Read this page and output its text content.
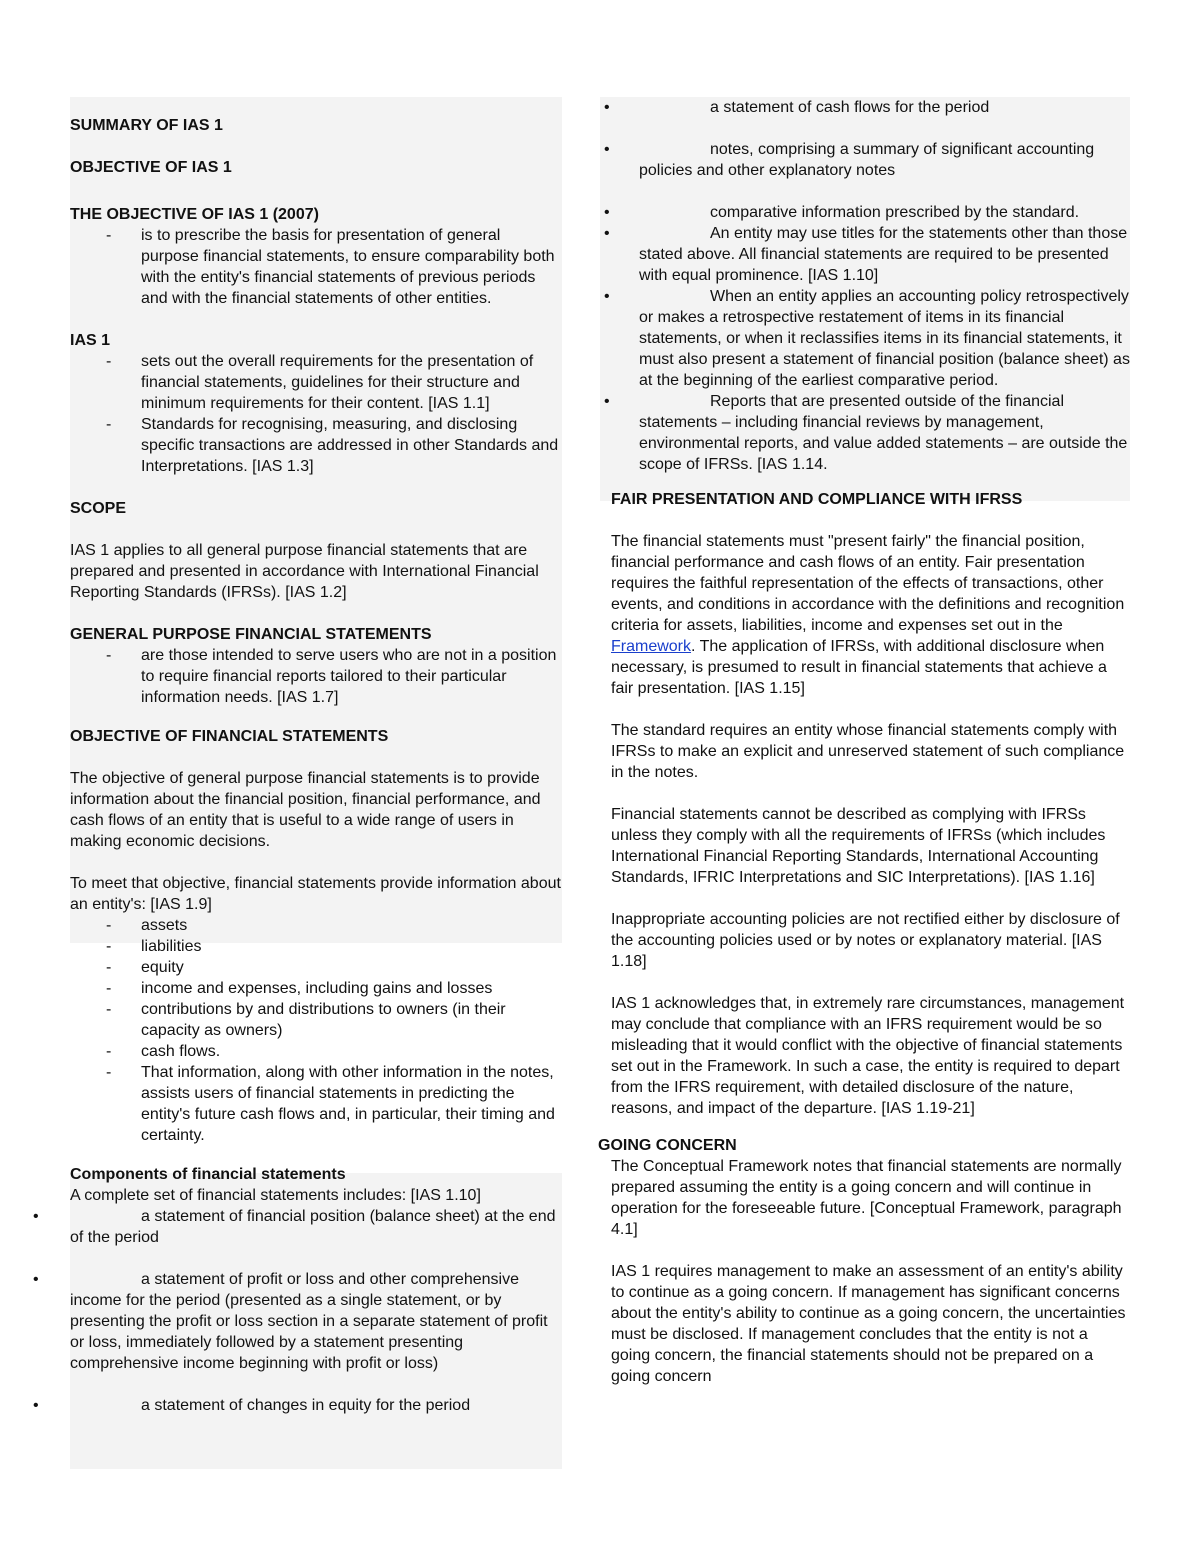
SUMMARY OF IAS 1

OBJECTIVE OF IAS 1

THE OBJECTIVE OF IAS 1 (2007)

- is to prescribe the basis for presentation of general purpose financial statements, to ensure comparability both with the entity's financial statements of previous periods and with the financial statements of other entities.

IAS 1

- sets out the overall requirements for the presentation of financial statements, guidelines for their structure and minimum requirements for their content. [IAS 1.1]
- Standards for recognising, measuring, and disclosing specific transactions are addressed in other Standards and Interpretations. [IAS 1.3]

SCOPE

IAS 1 applies to all general purpose financial statements that are prepared and presented in accordance with International Financial Reporting Standards (IFRSs). [IAS 1.2]

GENERAL PURPOSE FINANCIAL STATEMENTS

- are those intended to serve users who are not in a position to require financial reports tailored to their particular information needs. [IAS 1.7]

OBJECTIVE OF FINANCIAL STATEMENTS

The objective of general purpose financial statements is to provide information about the financial position, financial performance, and cash flows of an entity that is useful to a wide range of users in making economic decisions.

To meet that objective, financial statements provide information about an entity's: [IAS 1.9]

- assets
- liabilities
- equity
- income and expenses, including gains and losses
- contributions by and distributions to owners (in their capacity as owners)
- cash flows.
- That information, along with other information in the notes, assists users of financial statements in predicting the entity's future cash flows and, in particular, their timing and certainty.

Components of financial statements

A complete set of financial statements includes: [IAS 1.10]

•	a statement of financial position (balance sheet) at the end of the period
•	a statement of profit or loss and other comprehensive income for the period (presented as a single statement, or by presenting the profit or loss section in a separate statement of profit or loss, immediately followed by a statement presenting comprehensive income beginning with profit or loss)
•	a statement of changes in equity for the period
•	a statement of cash flows for the period
•	notes, comprising a summary of significant accounting policies and other explanatory notes
•	comparative information prescribed by the standard.
•	An entity may use titles for the statements other than those stated above. All financial statements are required to be presented with equal prominence. [IAS 1.10]
•	When an entity applies an accounting policy retrospectively or makes a retrospective restatement of items in its financial statements, or when it reclassifies items in its financial statements, it must also present a statement of financial position (balance sheet) as at the beginning of the earliest comparative period.
•	Reports that are presented outside of the financial statements – including financial reviews by management, environmental reports, and value added statements – are outside the scope of IFRSs. [IAS 1.14.

FAIR PRESENTATION AND COMPLIANCE WITH IFRSS

The financial statements must "present fairly" the financial position, financial performance and cash flows of an entity. Fair presentation requires the faithful representation of the effects of transactions, other events, and conditions in accordance with the definitions and recognition criteria for assets, liabilities, income and expenses set out in the Framework. The application of IFRSs, with additional disclosure when necessary, is presumed to result in financial statements that achieve a fair presentation. [IAS 1.15]

The standard requires an entity whose financial statements comply with IFRSs to make an explicit and unreserved statement of such compliance in the notes.

Financial statements cannot be described as complying with IFRSs unless they comply with all the requirements of IFRSs (which includes International Financial Reporting Standards, International Accounting Standards, IFRIC Interpretations and SIC Interpretations). [IAS 1.16]

Inappropriate accounting policies are not rectified either by disclosure of the accounting policies used or by notes or explanatory material. [IAS 1.18]

IAS 1 acknowledges that, in extremely rare circumstances, management may conclude that compliance with an IFRS requirement would be so misleading that it would conflict with the objective of financial statements set out in the Framework. In such a case, the entity is required to depart from the IFRS requirement, with detailed disclosure of the nature, reasons, and impact of the departure. [IAS 1.19-21]

GOING CONCERN

The Conceptual Framework notes that financial statements are normally prepared assuming the entity is a going concern and will continue in operation for the foreseeable future. [Conceptual Framework, paragraph 4.1]

IAS 1 requires management to make an assessment of an entity's ability to continue as a going concern. If management has significant concerns about the entity's ability to continue as a going concern, the uncertainties must be disclosed. If management concludes that the entity is not a going concern, the financial statements should not be prepared on a going concern
